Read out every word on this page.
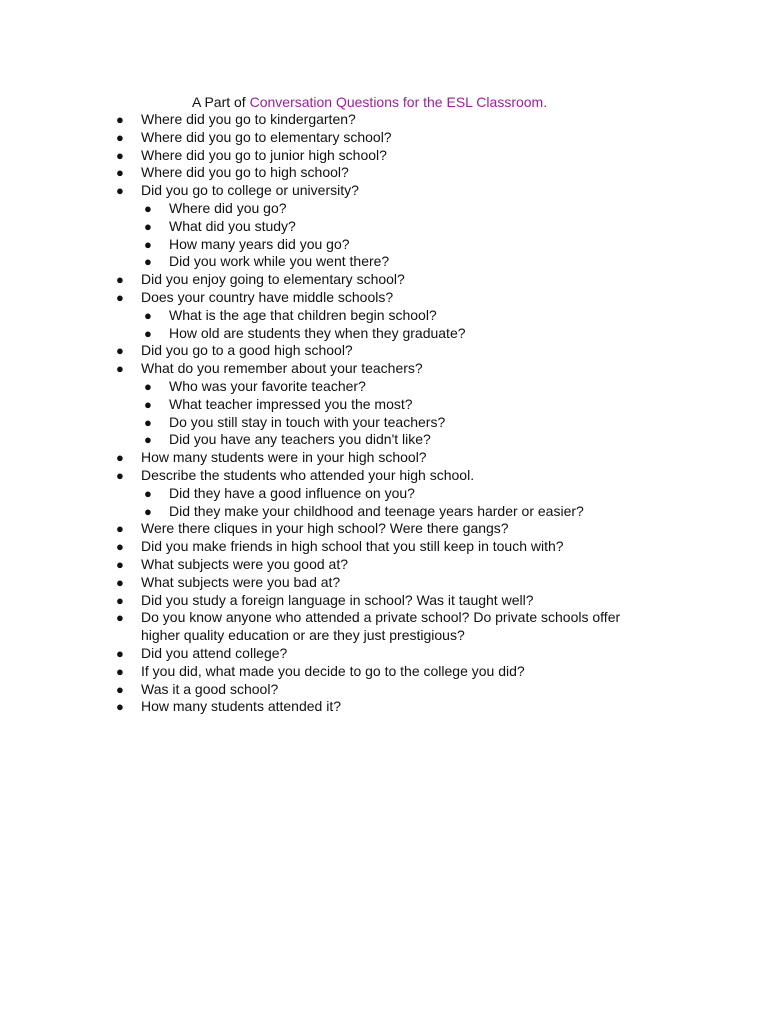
A Part of Conversation Questions for the ESL Classroom.
● Where did you go to kindergarten?
● Where did you go to elementary school?
● Where did you go to junior high school?
● Where did you go to high school?
● Did you go to college or university?
● Where did you go?
● What did you study?
● How many years did you go?
● Did you work while you went there?
● Did you enjoy going to elementary school?
● Does your country have middle schools?
● What is the age that children begin school?
● How old are students they when they graduate?
● Did you go to a good high school?
● What do you remember about your teachers?
● Who was your favorite teacher?
● What teacher impressed you the most?
● Do you still stay in touch with your teachers?
● Did you have any teachers you didn't like?
● How many students were in your high school?
● Describe the students who attended your high school.
● Did they have a good influence on you?
● Did they make your childhood and teenage years harder or easier?
● Were there cliques in your high school? Were there gangs?
● Did you make friends in high school that you still keep in touch with?
● What subjects were you good at?
● What subjects were you bad at?
● Did you study a foreign language in school? Was it taught well?
● Do you know anyone who attended a private school? Do private schools offer higher quality education or are they just prestigious?
● Did you attend college?
● If you did, what made you decide to go to the college you did?
● Was it a good school?
● How many students attended it?
